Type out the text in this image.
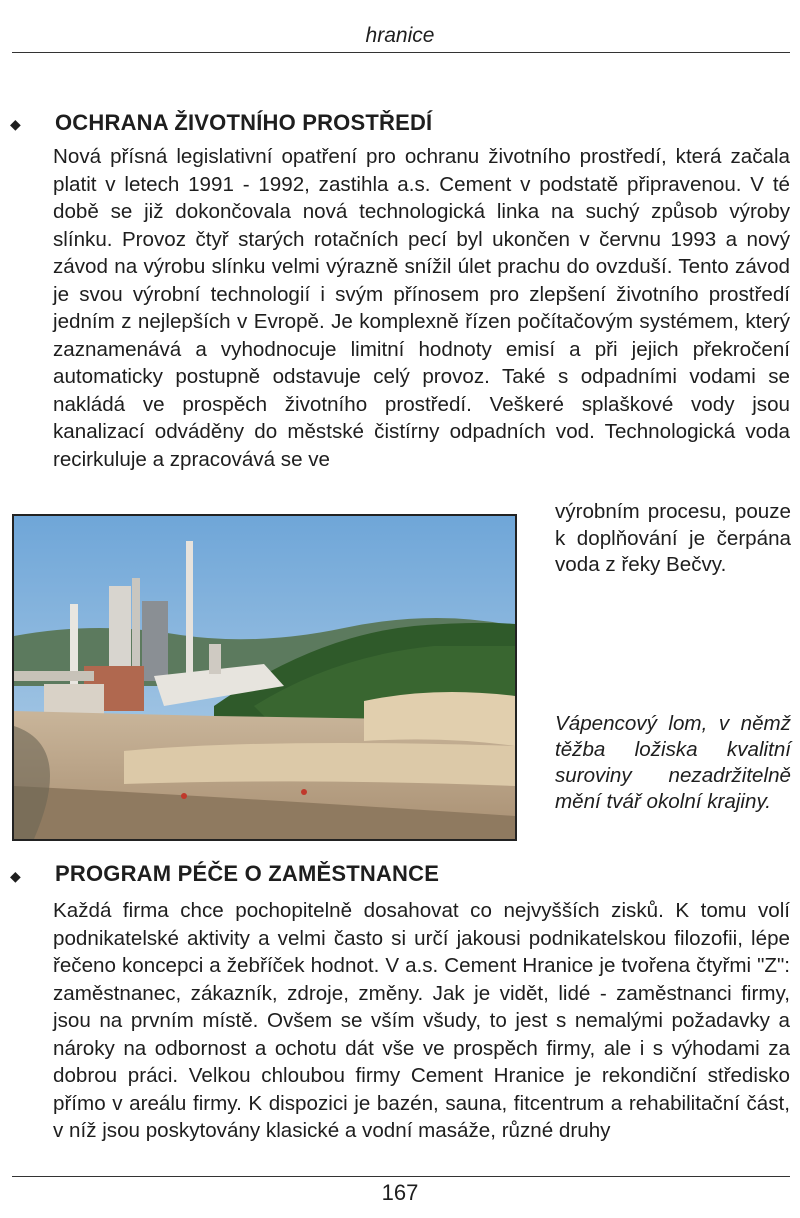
hranice
◆ OCHRANA ŽIVOTNÍHO PROSTŘEDÍ

Nová přísná legislativní opatření pro ochranu životního prostředí, která začala platit v letech 1991 - 1992, zastihla a.s. Cement v podstatě připravenou. V té době se již dokončovala nová technologická linka na suchý způsob výroby slínku. Provoz čtyř starých rotačních pecí byl ukončen v červnu 1993 a nový závod na výrobu slínku velmi výrazně snížil úlet prachu do ovzduší. Tento závod je svou výrobní technologií i svým přínosem pro zlepšení životního prostředí jedním z nejlepších v Evropě. Je komplexně řízen počítačovým systémem, který zaznamenává a vyhodnocuje limitní hodnoty emisí a při jejich překročení automaticky postupně odstavuje celý provoz. Také s odpadními vodami se nakládá ve prospěch životního prostředí. Veškeré splaškové vody jsou kanalizací odváděny do městské čistírny odpadních vod. Technologická voda recirkuluje a zpracovává se ve

výrobním procesu, pouze k doplňování je čerpána voda z řeky Bečvy.

Vápencový lom, v němž těžba ložiska kvalitní suroviny nezadržitelně mění tvář okolní krajiny.

◆ PROGRAM PÉČE O ZAMĚSTNANCE

Každá firma chce pochopitelně dosahovat co nejvyšších zisků. K tomu volí podnikatelské aktivity a velmi často si určí jakousi podnikatelskou filozofii, lépe řečeno koncepci a žebříček hodnot. V a.s. Cement Hranice je tvořena čtyřmi "Z": zaměstnanec, zákazník, zdroje, změny. Jak je vidět, lidé - zaměstnanci firmy, jsou na prvním místě. Ovšem se vším všudy, to jest s nemalými požadavky a nároky na odbornost a ochotu dát vše ve prospěch firmy, ale i s výhodami za dobrou práci. Velkou chloubou firmy Cement Hranice je rekondiční středisko přímo v areálu firmy. K dispozici je bazén, sauna, fitcentrum a rehabilitační část, v níž jsou poskytovány klasické a vodní masáže, různé druhy

167
